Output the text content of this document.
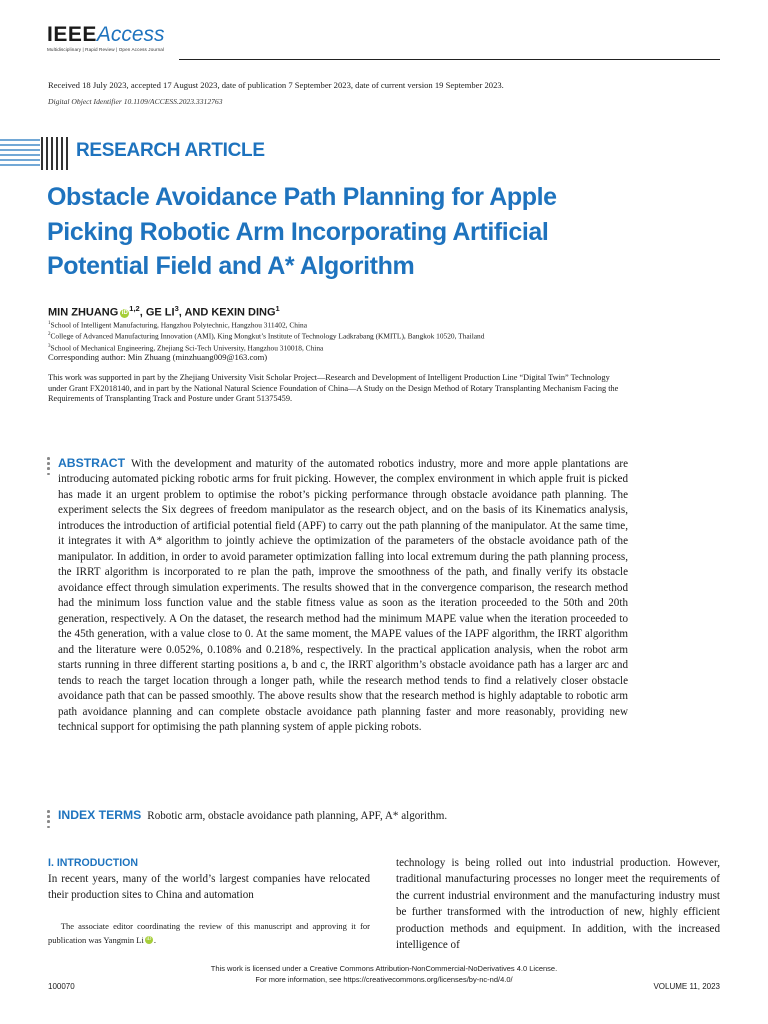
IEEEAccess
Multidisciplinary | Rapid Review | Open Access Journal
Received 18 July 2023, accepted 17 August 2023, date of publication 7 September 2023, date of current version 19 September 2023.
Digital Object Identifier 10.1109/ACCESS.2023.3312763
RESEARCH ARTICLE
Obstacle Avoidance Path Planning for Apple Picking Robotic Arm Incorporating Artificial Potential Field and A* Algorithm
MIN ZHUANG iD $^{1,2}$, GE $LI^3$, AND KEXIN DING$^1$
$^1$School of Intelligent Manufacturing, Hangzhou Polytechnic, Hangzhou 311402, China
$^2$College of Advanced Manufacturing Innovation (AMI), King Mongkut’s Institute of Technology Ladkrabang (KMITL), Bangkok 10520, Thailand
$^3$School of Mechanical Engineering, Zhejiang Sci-Tech University, Hangzhou 310018, China
Corresponding author: Min Zhuang (minzhuang009@163.com)
This work was supported in part by the Zhejiang University Visit Scholar Project—Research and Development of Intelligent Production Line “Digital Twin” Technology under Grant FX2018140, and in part by the National Natural Science Foundation of China—A Study on the Design Method of Rotary Transplanting Mechanism Facing the Requirements of Transplanting Track and Posture under Grant 51375459.
ABSTRACT With the development and maturity of the automated robotics industry, more and more apple plantations are introducing automated picking robotic arms for fruit picking. However, the complex environment in which apple fruit is picked has made it an urgent problem to optimise the robot’s picking performance through obstacle avoidance path planning. The experiment selects the Six degrees of freedom manipulator as the research object, and on the basis of its Kinematics analysis, introduces the introduction of artificial potential field (APF) to carry out the path planning of the manipulator. At the same time, it integrates it with A* algorithm to jointly achieve the optimization of the parameters of the obstacle avoidance path of the manipulator. In addition, in order to avoid parameter optimization falling into local extremum during the path planning process, the IRRT algorithm is incorporated to re plan the path, improve the smoothness of the path, and finally verify its obstacle avoidance effect through simulation experiments. The results showed that in the convergence comparison, the research method had the minimum loss function value and the stable fitness value as soon as the iteration proceeded to the 50th and 20th generation, respectively. A On the dataset, the research method had the minimum MAPE value when the iteration proceeded to the 45th generation, with a value close to 0. At the same moment, the MAPE values of the IAPF algorithm, the IRRT algorithm and the literature were 0.052%, 0.108% and 0.218%, respectively. In the practical application analysis, when the robot arm starts running in three different starting positions a, b and c, the IRRT algorithm’s obstacle avoidance path has a larger arc and tends to reach the target location through a longer path, while the research method tends to find a relatively closer obstacle avoidance path that can be passed smoothly. The above results show that the research method is highly adaptable to robotic arm path avoidance planning and can complete obstacle avoidance path planning faster and more reasonably, providing new technical support for optimising the path planning system of apple picking robots.
INDEX TERMS Robotic arm, obstacle avoidance path planning, APF, A* algorithm.
I. INTRODUCTION
In recent years, many of the world’s largest companies have relocated their production sites to China and automation
  The associate editor coordinating the review of this manuscript and approving it for publication was Yangmin Li iD .
technology is being rolled out into industrial production. However, traditional manufacturing processes no longer meet the requirements of the current industrial environment and the manufacturing industry must be further transformed with the introduction of new, highly efficient production methods and equipment. In addition, with the increased intelligence of
This work is licensed under a Creative Commons Attribution-NonCommercial-NoDerivatives 4.0 License.
For more information, see https://creativecommons.org/licenses/by-nc-nd/4.0/
100070	VOLUME 11, 2023
